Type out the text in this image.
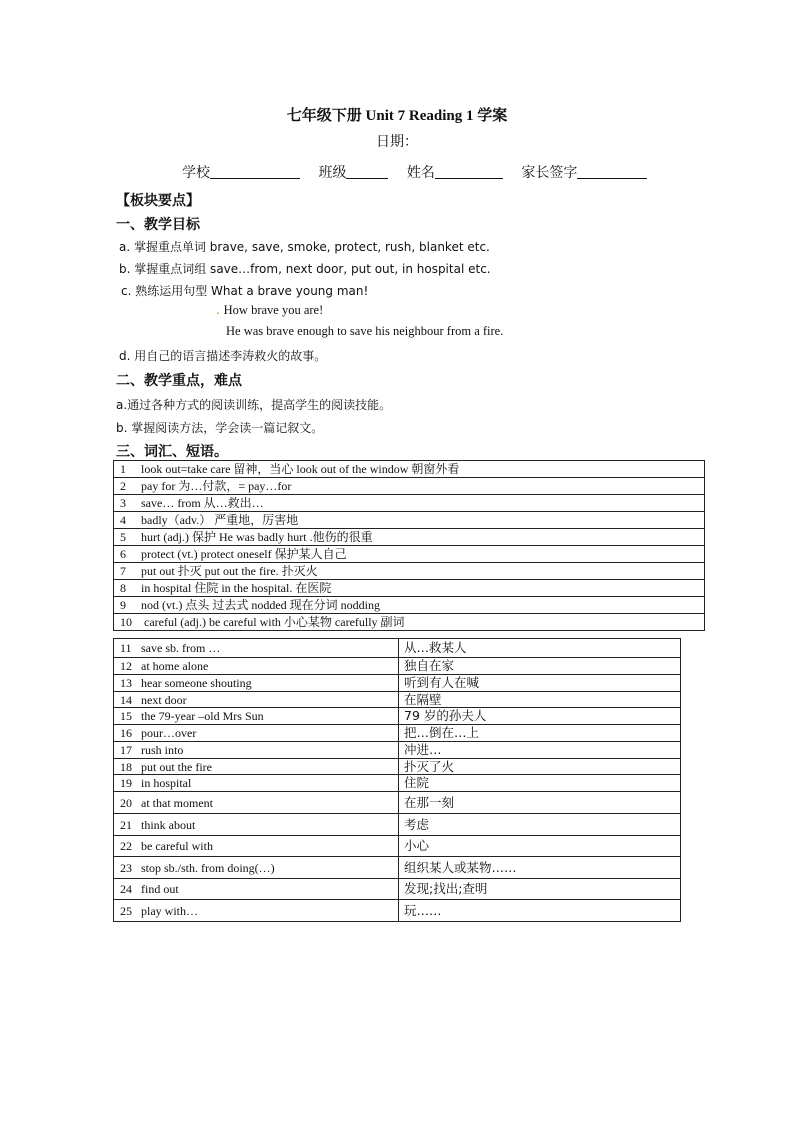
七年级下册 Unit 7 Reading 1 学案
日期：
学校	班级	姓名	家长签字
【板块要点】
一、教学目标
a. 掌握重点单词 brave, save, smoke, protect, rush, blanket etc.
b. 掌握重点词组 save…from, next door, put out, in hospital etc.
c. 熟练运用句型 What a brave young man!
. How brave you are!
He was brave enough to save his neighbour from a fire.
d. 用自己的语言描述李涛救火的故事。
二、教学重点，难点
a.通过各种方式的阅读训练，提高学生的阅读技能。
b. 掌握阅读方法，学会读一篇记叙文。
三、词汇、短语。
1 look out=take care 留神，当心 look out of the window 朝窗外看
2 pay for 为…付款，= pay…for
3 save… from 从…救出…
4 badly（adv.） 严重地，厉害地
5 hurt (adj.) 保护 He was badly hurt .他伤的很重
6 protect (vt.) protect oneself 保护某人自己
7 put out 扑灭 put out the fire. 扑灭火
8 in hospital 住院 in the hospital. 在医院
9 nod (vt.) 点头 过去式 nodded 现在分词 nodding
10 careful (adj.) be careful with 小心某物 carefully 副词
11 save sb. from …	从…救某人
12 at home alone	独自在家
13 hear someone shouting	听到有人在喊
14 next door	在隔壁
15 the 79-year –old Mrs Sun	79 岁的孙夫人
16 pour…over	把…倒在…上
17 rush into	冲进…
18 put out the fire	扑灭了火
19 in hospital	住院
20 at that moment	在那一刻
21 think about	考虑
22 be careful with	小心
23 stop sb./sth. from doing(…)	组织某人或某物……
24 find out	发现;找出;查明
25 play with…	玩……
